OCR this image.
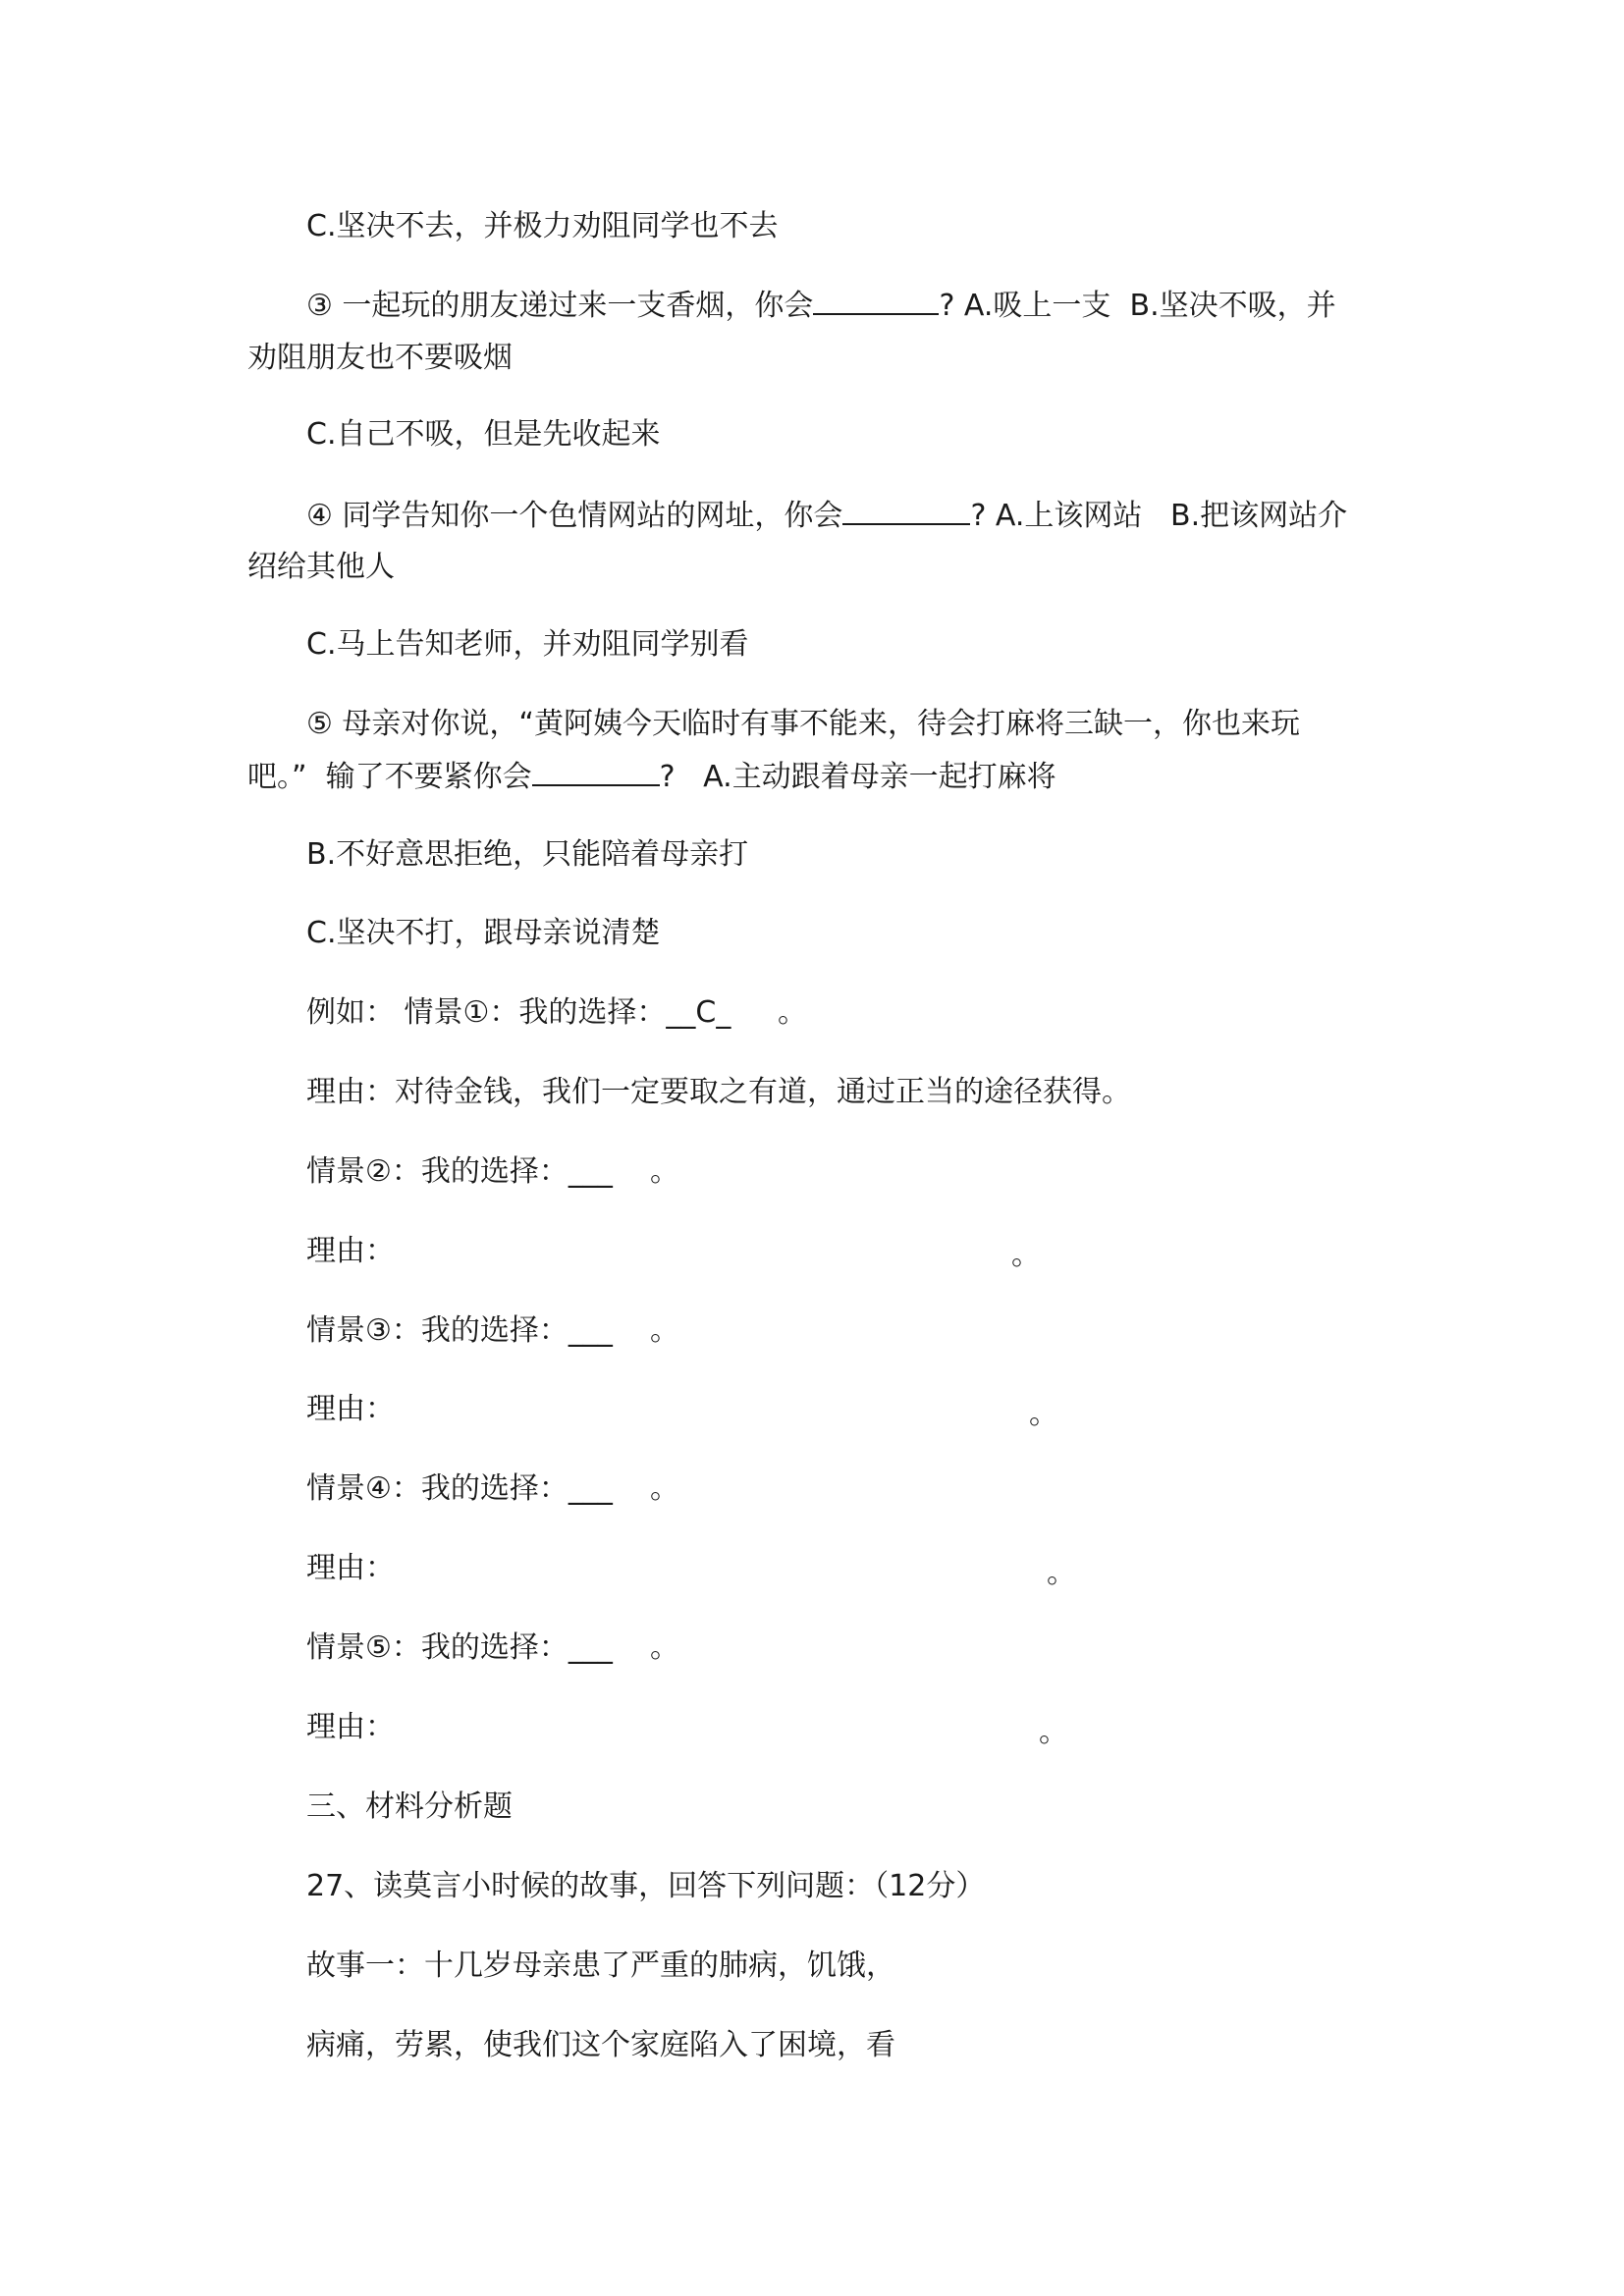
C.坚决不去，并极力劝阻同学也不去
③ 一起玩的朋友递过来一支香烟，你会	? A.吸上一支  B.坚决不吸，并
劝阻朋友也不要吸烟
C.自己不吸，但是先收起来
④ 同学告知你一个色情网站的网址，你会	? A.上该网站   B.把该网站介
绍给其他人
C.马上告知老师，并劝阻同学别看
⑤ 母亲对你说，“黄阿姨今天临时有事不能来，待会打麻将三缺一，你也来玩
吧。”  输了不要紧你会	?   A.主动跟着母亲一起打麻将
B.不好意思拒绝，只能陪着母亲打
C.坚决不打，跟母亲说清楚
例如： 情景①：我的选择：__C_     。
理由：对待金钱，我们一定要取之有道，通过正当的途径获得。
情景②：我的选择：___    。
理由：	。
情景③：我的选择：___    。
理由：	。
情景④：我的选择：___    。
理由：	。
情景⑤：我的选择：___    。
理由：	。
三、材料分析题
27、读莫言小时候的故事，回答下列问题：（12分）
故事一：十几岁母亲患了严重的肺病，饥饿，
病痛，劳累，使我们这个家庭陷入了困境，看
